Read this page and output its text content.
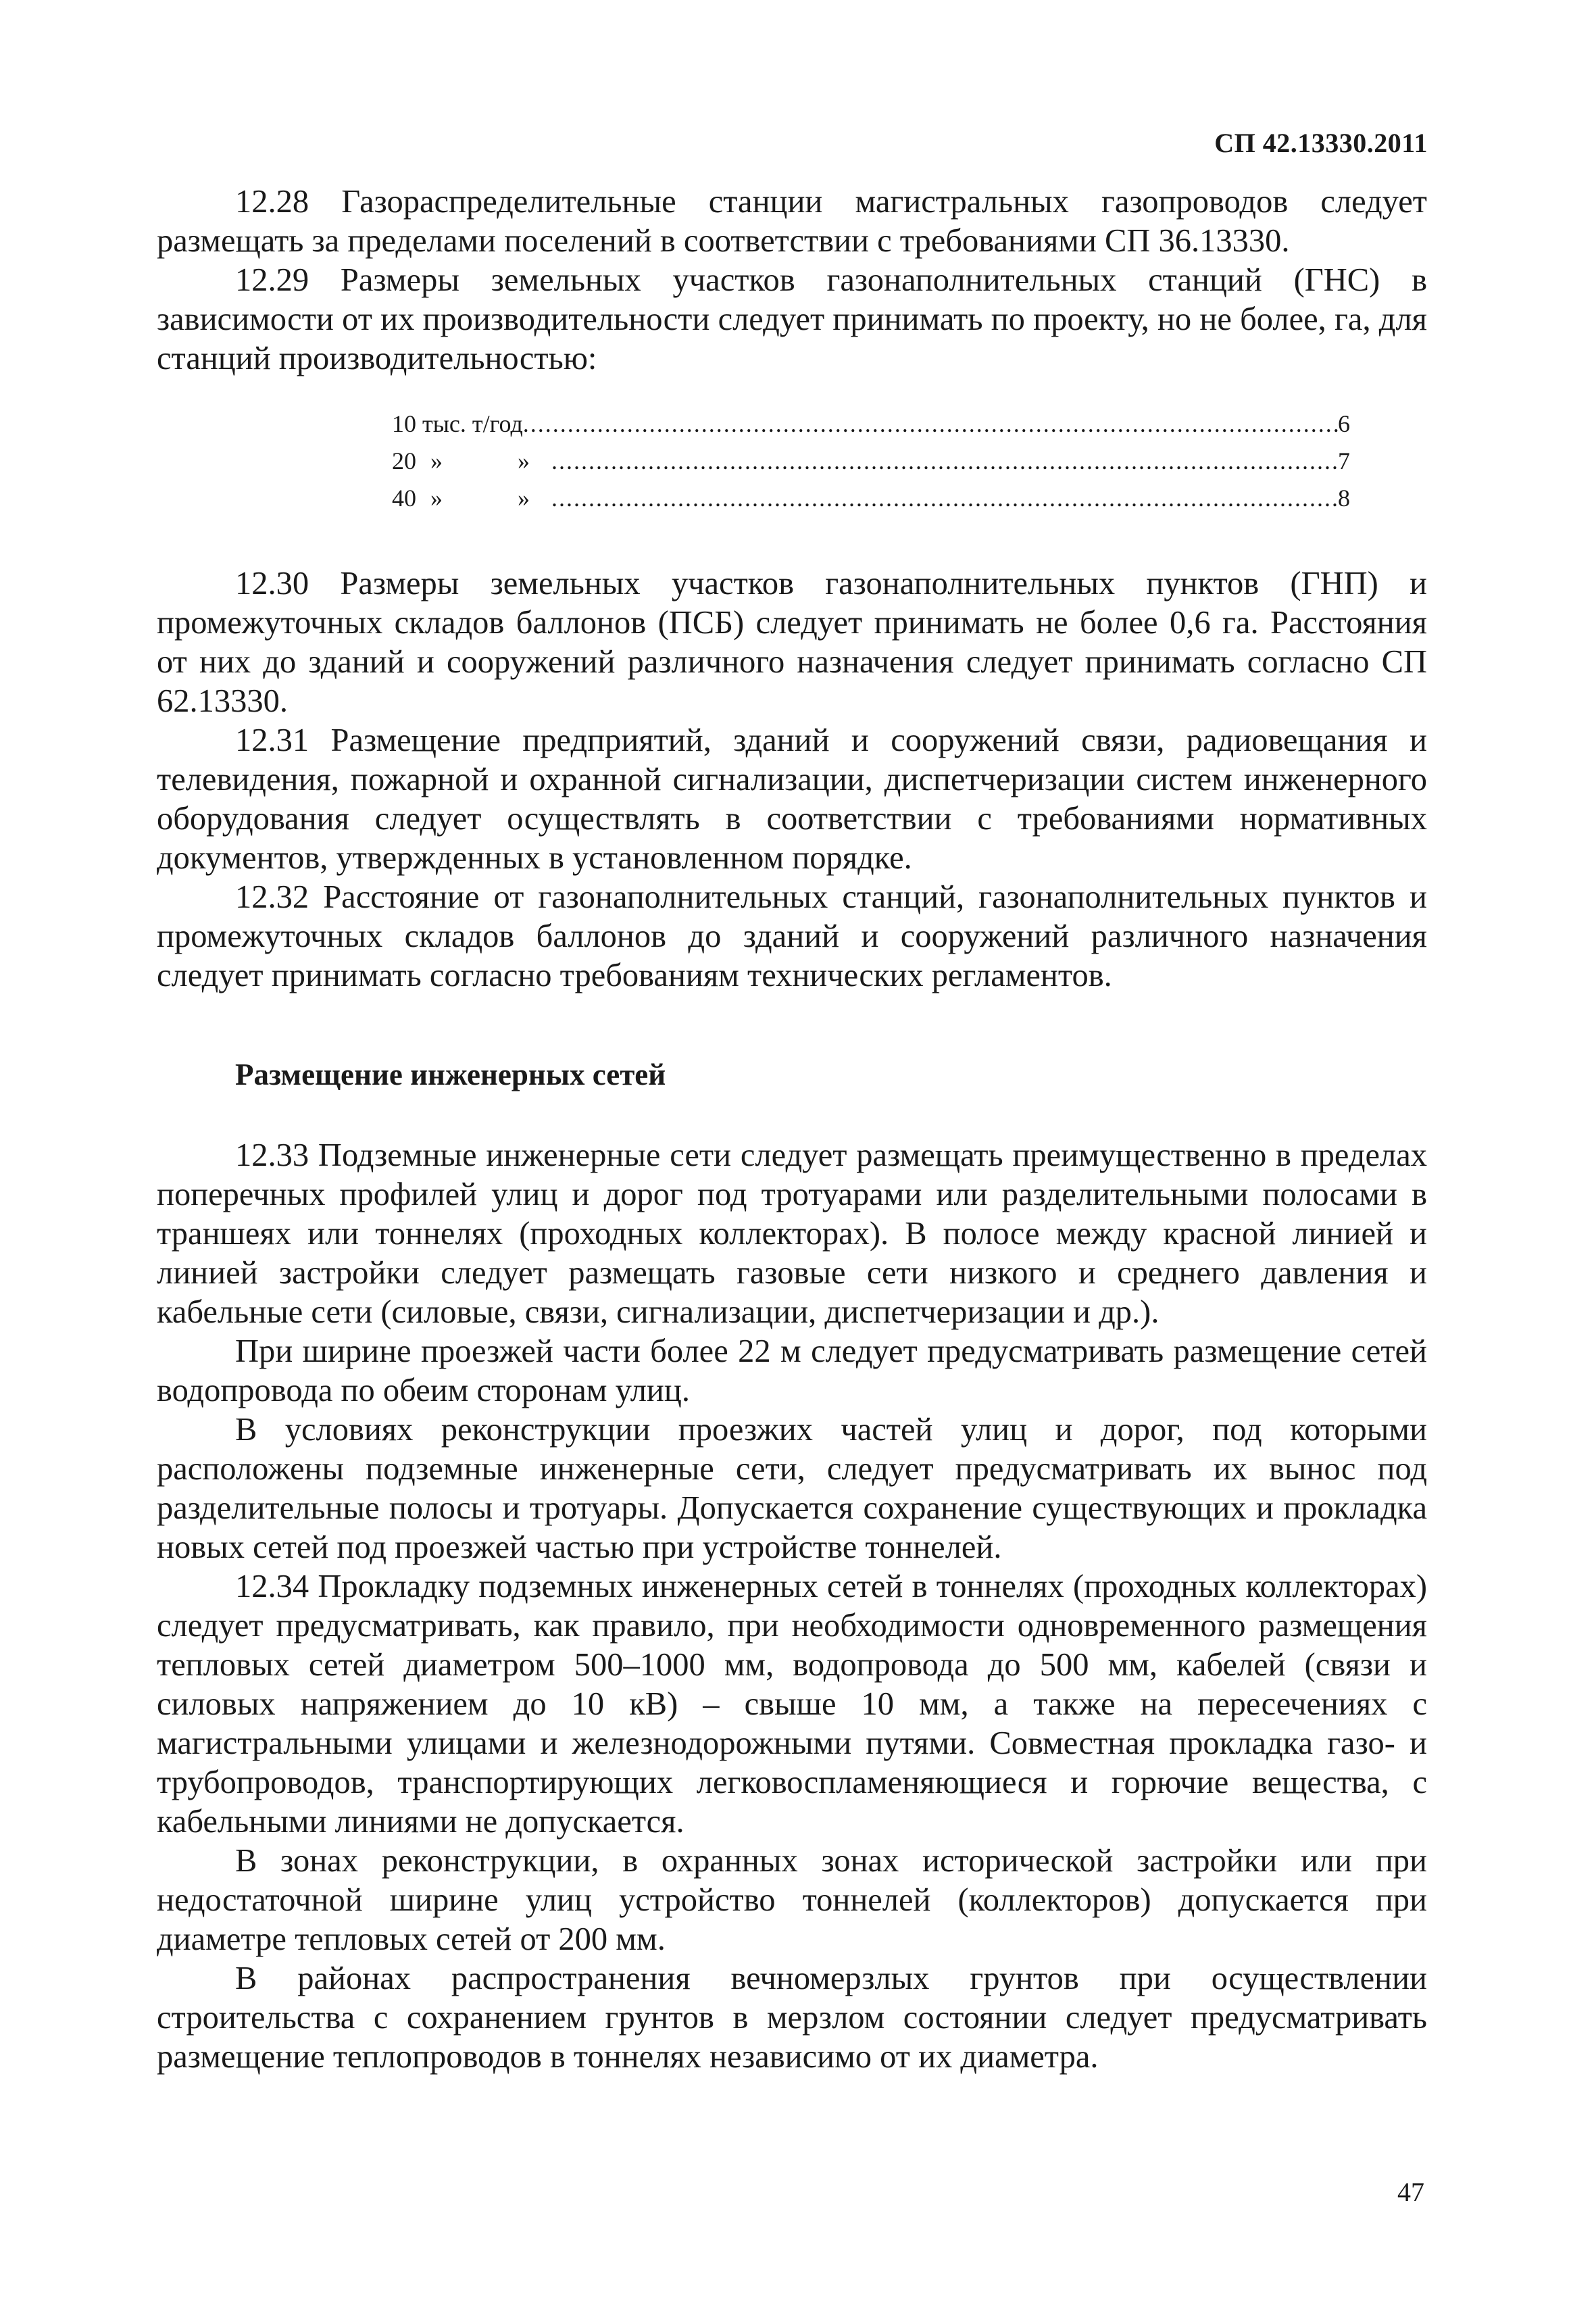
СП 42.13330.2011

12.28 Газораспределительные станции магистральных газопроводов следует размещать за пределами поселений в соответствии с требованиями СП 36.13330.

12.29 Размеры земельных участков газонаполнительных станций (ГНС) в зависимости от их производительности следует принимать по проекту, но не более, га, для станций производительностью:

10 тыс. т/год .....	6
20 »	» .....	7
40 »	» .....	8

12.30 Размеры земельных участков газонаполнительных пунктов (ГНП) и промежуточных складов баллонов (ПСБ) следует принимать не более 0,6 га. Расстояния от них до зданий и сооружений различного назначения следует принимать согласно СП 62.13330.

12.31 Размещение предприятий, зданий и сооружений связи, радиовещания и телевидения, пожарной и охранной сигнализации, диспетчеризации систем инженерного оборудования следует осуществлять в соответствии с требованиями нормативных документов, утвержденных в установленном порядке.

12.32 Расстояние от газонаполнительных станций, газонаполнительных пунктов и промежуточных складов баллонов до зданий и сооружений различного назначения следует принимать согласно требованиям технических регламентов.

Размещение инженерных сетей

12.33 Подземные инженерные сети следует размещать преимущественно в пределах поперечных профилей улиц и дорог под тротуарами или разделительными полосами в траншеях или тоннелях (проходных коллекторах). В полосе между красной линией и линией застройки следует размещать газовые сети низкого и среднего давления и кабельные сети (силовые, связи, сигнализации, диспетчеризации и др.).

При ширине проезжей части более 22 м следует предусматривать размещение сетей водопровода по обеим сторонам улиц.

В условиях реконструкции проезжих частей улиц и дорог, под которыми расположены подземные инженерные сети, следует предусматривать их вынос под разделительные полосы и тротуары. Допускается сохранение существующих и прокладка новых сетей под проезжей частью при устройстве тоннелей.

12.34 Прокладку подземных инженерных сетей в тоннелях (проходных коллекторах) следует предусматривать, как правило, при необходимости одновременного размещения тепловых сетей диаметром 500–1000 мм, водопровода до 500 мм, кабелей (связи и силовых напряжением до 10 кВ) – свыше 10 мм, а также на пересечениях с магистральными улицами и железнодорожными путями. Совместная прокладка газо- и трубопроводов, транспортирующих легковоспламеняющиеся и горючие вещества, с кабельными линиями не допускается.

В зонах реконструкции, в охранных зонах исторической застройки или при недостаточной ширине улиц устройство тоннелей (коллекторов) допускается при диаметре тепловых сетей от 200 мм.

В районах распространения вечномерзлых грунтов при осуществлении строительства с сохранением грунтов в мерзлом состоянии следует предусматривать размещение теплопроводов в тоннелях независимо от их диаметра.

47
